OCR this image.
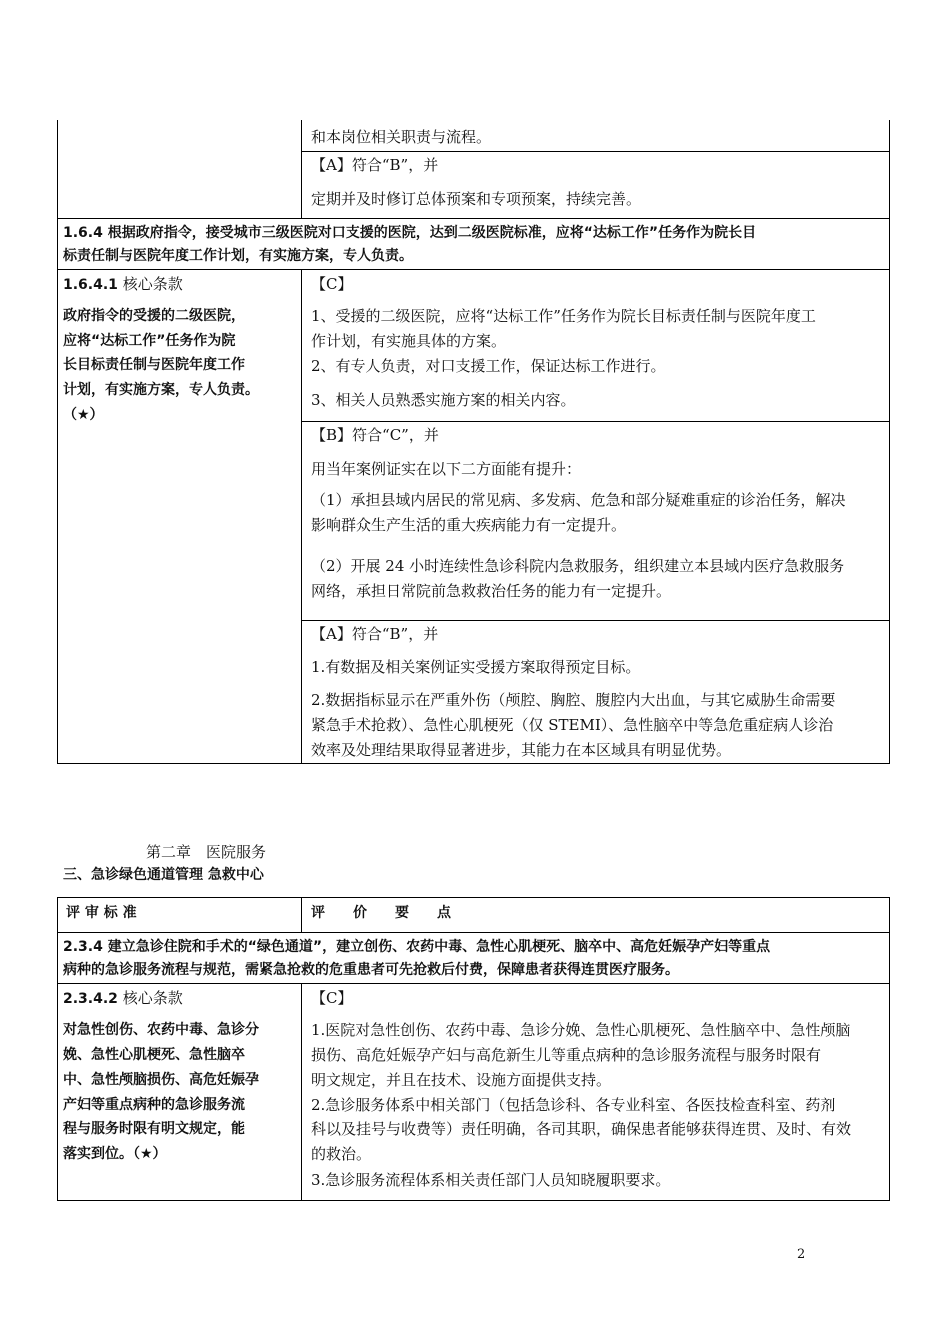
和本岗位相关职责与流程。
【A】符合“B”，并
定期并及时修订总体预案和专项预案，持续完善。
1.6.4 根据政府指令，接受城市三级医院对口支援的医院，达到二级医院标准，应将“达标工作”任务作为院长目
标责任制与医院年度工作计划，有实施方案，专人负责。
1.6.4.1 核心条款
政府指令的受援的二级医院，
应将“达标工作”任务作为院
长目标责任制与医院年度工作
计划，有实施方案，专人负责。
（★）
【C】
1、受援的二级医院，应将“达标工作”任务作为院长目标责任制与医院年度工
作计划，有实施具体的方案。
2、有专人负责，对口支援工作，保证达标工作进行。
3、相关人员熟悉实施方案的相关内容。
【B】符合“C”，并
用当年案例证实在以下二方面能有提升：
（1）承担县域内居民的常见病、多发病、危急和部分疑难重症的诊治任务，解决
影响群众生产生活的重大疾病能力有一定提升。
（2）开展 24 小时连续性急诊科院内急救服务，组织建立本县域内医疗急救服务
网络，承担日常院前急救救治任务的能力有一定提升。
【A】符合“B”，并
1.有数据及相关案例证实受援方案取得预定目标。
2.数据指标显示在严重外伤（颅腔、胸腔、腹腔内大出血，与其它威胁生命需要
紧急手术抢救）、急性心肌梗死（仅 STEMI）、急性脑卒中等急危重症病人诊治
效率及处理结果取得显著进步，其能力在本区域具有明显优势。
第二章　医院服务
三、急诊绿色通道管理 急救中心
评 审 标 准	评　　价　　要　　点
2.3.4 建立急诊住院和手术的“绿色通道”，建立创伤、农药中毒、急性心肌梗死、脑卒中、高危妊娠孕产妇等重点
病种的急诊服务流程与规范，需紧急抢救的危重患者可先抢救后付费，保障患者获得连贯医疗服务。
2.3.4.2 核心条款
对急性创伤、农药中毒、急诊分
娩、急性心肌梗死、急性脑卒
中、急性颅脑损伤、高危妊娠孕
产妇等重点病种的急诊服务流
程与服务时限有明文规定，能
落实到位。（★）
【C】
1.医院对急性创伤、农药中毒、急诊分娩、急性心肌梗死、急性脑卒中、急性颅脑
损伤、高危妊娠孕产妇与高危新生儿等重点病种的急诊服务流程与服务时限有
明文规定，并且在技术、设施方面提供支持。
2.急诊服务体系中相关部门（包括急诊科、各专业科室、各医技检查科室、药剂
科以及挂号与收费等）责任明确，各司其职，确保患者能够获得连贯、及时、有效
的救治。
3.急诊服务流程体系相关责任部门人员知晓履职要求。
2
